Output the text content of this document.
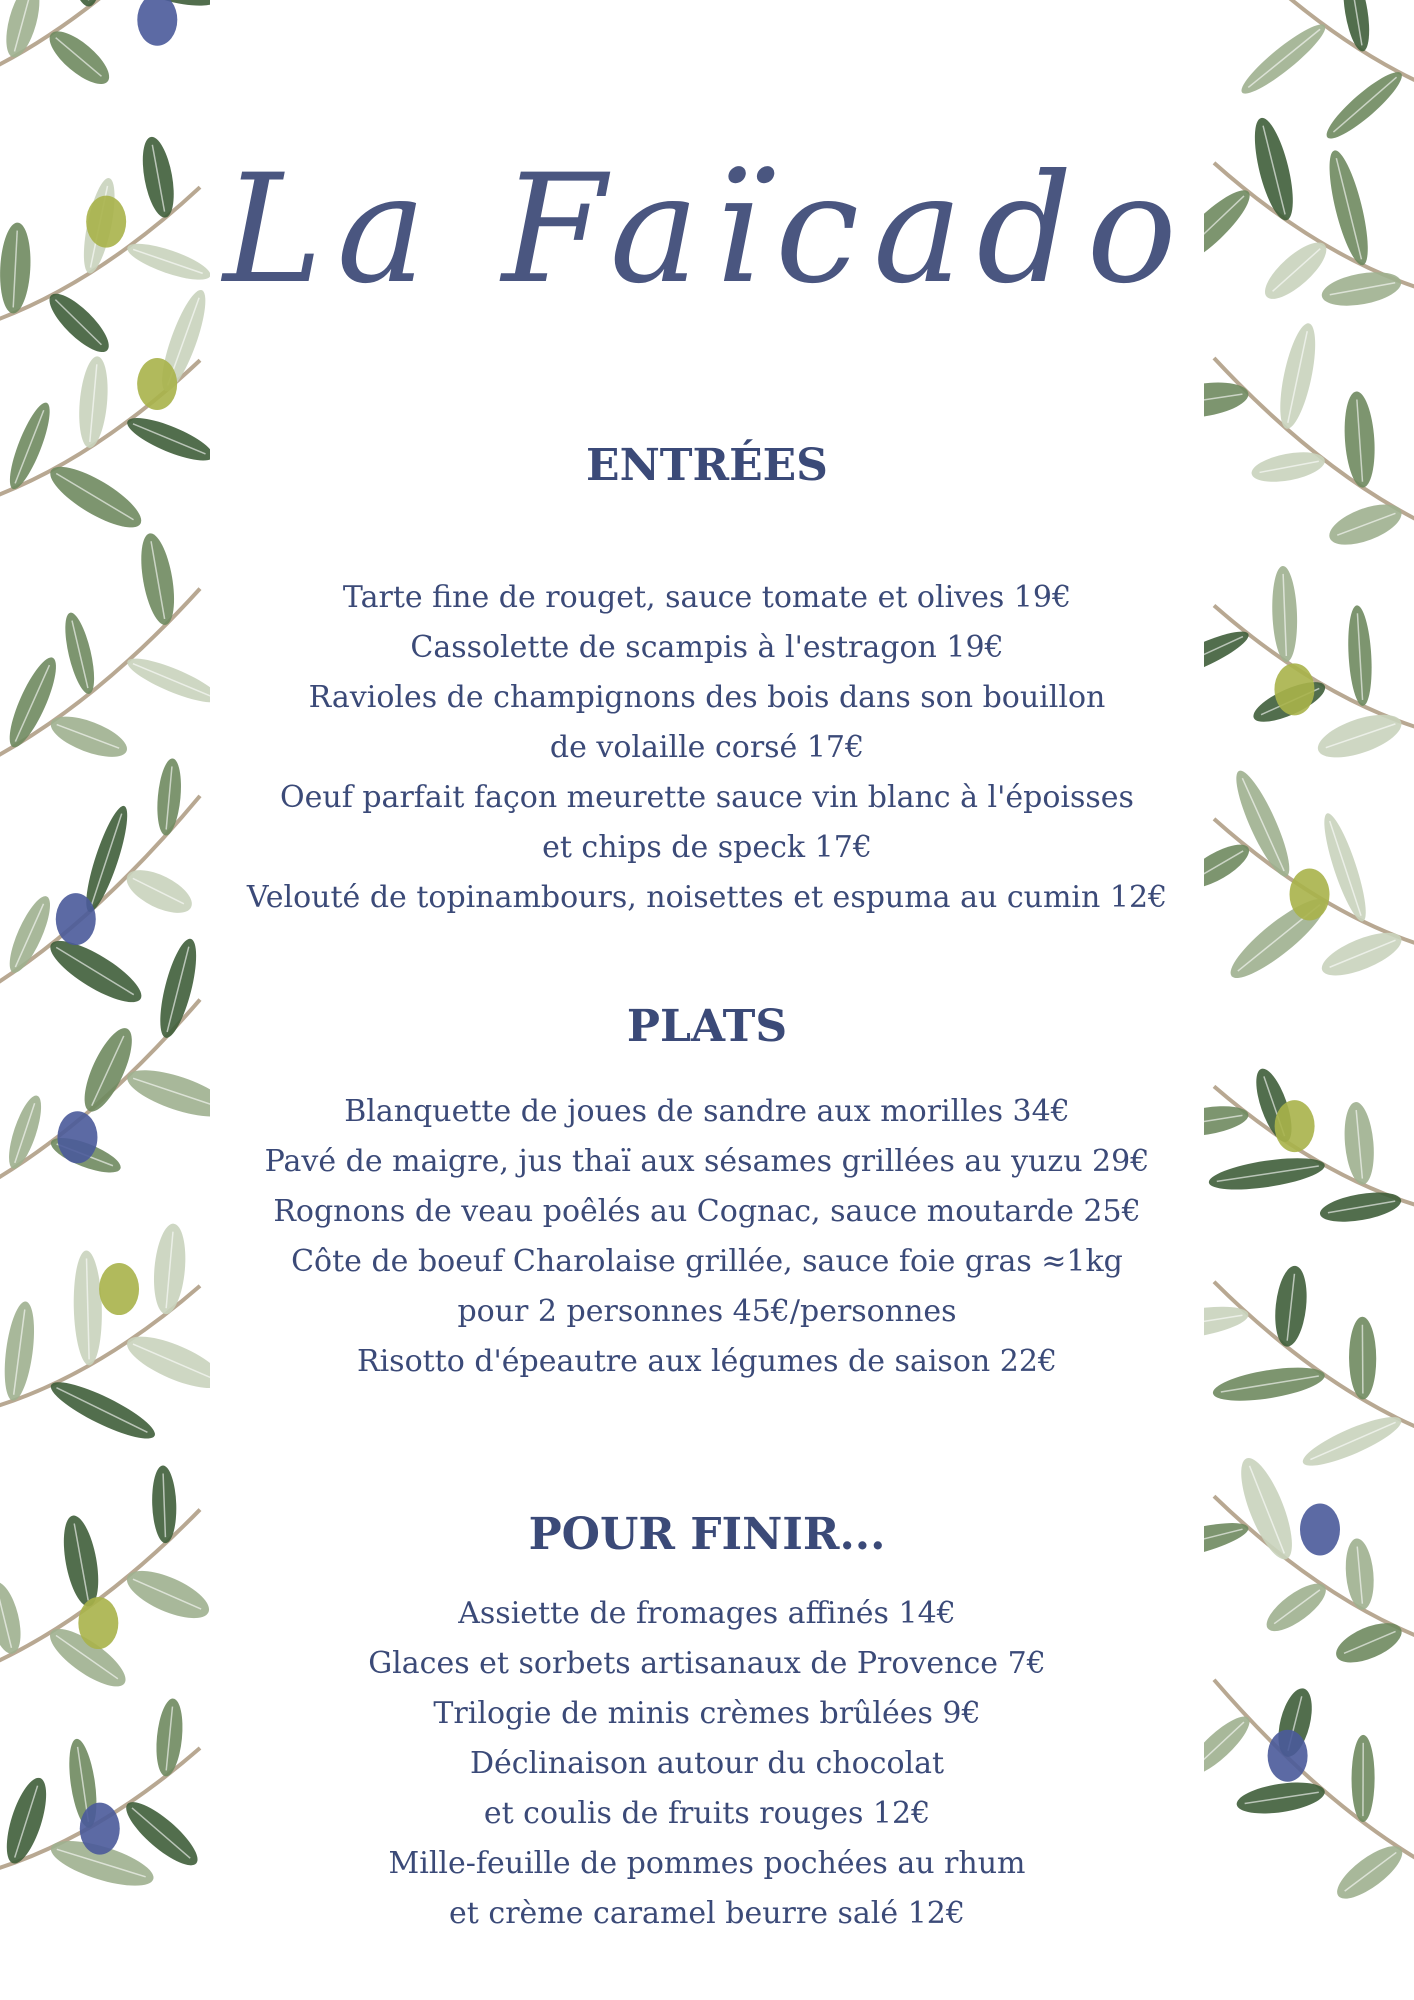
La Faïcado
ENTRÉES
Tarte fine de rouget, sauce tomate et olives 19€
Cassolette de scampis à l'estragon 19€
Ravioles de champignons des bois dans son bouillon
de volaille corsé 17€
Oeuf parfait façon meurette sauce vin blanc à l'époisses
et chips de speck 17€
Velouté de topinambours, noisettes et espuma au cumin 12€
PLATS
Blanquette de joues de sandre aux morilles 34€
Pavé de maigre, jus thaï aux sésames grillées au yuzu 29€
Rognons de veau poêlés au Cognac, sauce moutarde 25€
Côte de boeuf Charolaise grillée, sauce foie gras ≈1kg
pour 2 personnes 45€/personnes
Risotto d'épeautre aux légumes de saison 22€
POUR FINIR...
Assiette de fromages affinés 14€
Glaces et sorbets artisanaux de Provence 7€
Trilogie de minis crèmes brûlées 9€
Déclinaison autour du chocolat
et coulis de fruits rouges 12€
Mille-feuille de pommes pochées au rhum
et crème caramel beurre salé 12€
